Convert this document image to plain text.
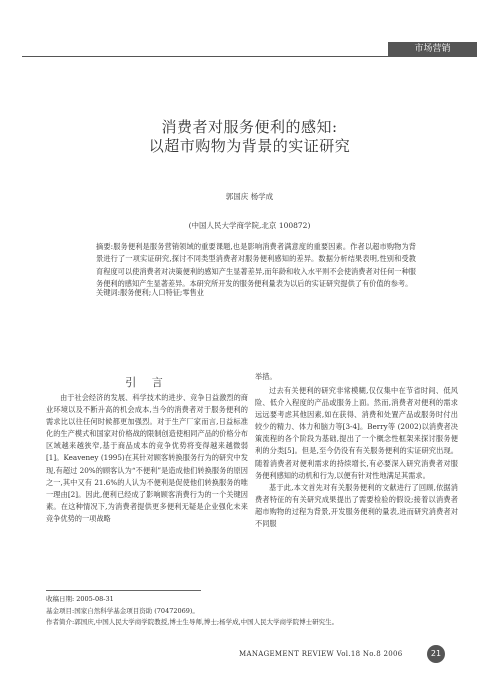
市场营销
消费者对服务便利的感知:
以超市购物为背景的实证研究
郭国庆 杨学成
(中国人民大学商学院,北京 100872)
摘要:服务便利是服务营销领域的重要课题,也是影响消费者满意度的重要因素。作者以超市购物为背景进行了一项实证研究,探讨不同类型消费者对服务便利感知的差异。数据分析结果表明,性别和受教育程度可以使消费者对决策便利的感知产生显著差异,而年龄和收入水平则不会使消费者对任何一种服务便利的感知产生显著差异。本研究所开发的服务便利量表为以后的实证研究提供了有价值的参考。
关键词:服务便利;人口特征;零售业
引 言
由于社会经济的发展、科学技术的进步、竞争日益激烈的商业环境以及不断升高的机会成本,当今的消费者对于服务便利的需求比以往任何时候都更加强烈。对于生产厂家而言,日益标准化的生产模式和国家对价格战的限制创造使相同产品的价格分布区域越来越狭窄,基于商品成本的竞争优势将变得越来越微弱[1]。Keaveney (1995)在其针对顾客转换服务行为的研究中发现,有超过 20%的顾客认为“不便利”是造成他们转换服务的原因之一,其中又有 21.6%的人认为不便利是促使他们转换服务的唯一理由[2]。因此,便利已经成了影响顾客消费行为的一个关键因素。在这种情况下,为消费者提供更多便利无疑是企业强化未来竞争优势的一项战略
举措。
过去有关便利的研究非常模糊,仅仅集中在节省时间、低风险、低介入程度的产品或服务上面。然而,消费者对便利的需求远远要考虑其他因素,如在获得、消费和处置产品或服务时付出较少的精力、体力和脑力等[3-4]。Berry等 (2002)以消费者决策流程的各个阶段为基础,提出了一个概念性框架来探讨服务便利的分类[5]。但是,至今仍没有有关服务便利的实证研究出现。随着消费者对便利需求的持续增长,有必要深入研究消费者对服务便利感知的动机和行为,以便有针对性地满足其需求。
基于此,本文首先对有关服务便利的文献进行了回顾,依据消费者特征的有关研究成果提出了需要检验的假设;接着以消费者超市购物的过程为背景,开发服务便利的量表,进而研究消费者对不同服
收稿日期: 2005-08-31
基金项目:国家自然科学基金项目资助 (70472069)。
作者简介:郭国庆,中国人民大学商学院教授,博士生导师,博士;杨学成,中国人民大学商学院博士研究生。
MANAGEMENT REVIEW Vol.18 No.8 2006	21
